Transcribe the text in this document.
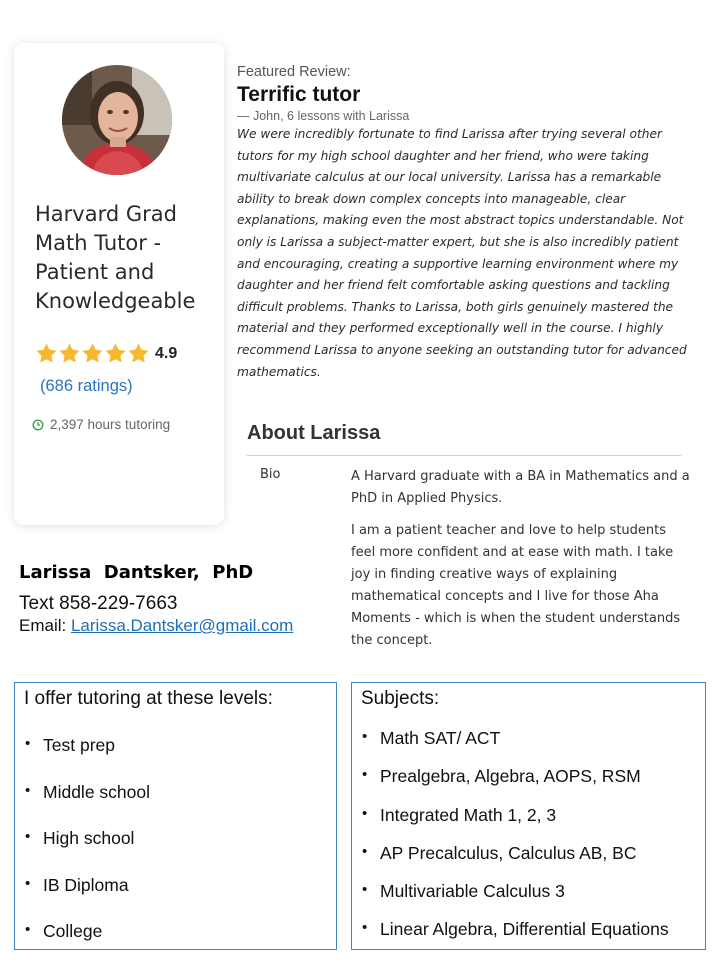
Harvard Grad Math Tutor - Patient and Knowledgeable
4.9
(686 ratings)
2,397 hours tutoring
Featured Review:
Terrific tutor
— John, 6 lessons with Larissa
We were incredibly fortunate to find Larissa after trying several other tutors for my high school daughter and her friend, who were taking multivariate calculus at our local university. Larissa has a remarkable ability to break down complex concepts into manageable, clear explanations, making even the most abstract topics understandable. Not only is Larissa a subject-matter expert, but she is also incredibly patient and encouraging, creating a supportive learning environment where my daughter and her friend felt comfortable asking questions and tackling difficult problems. Thanks to Larissa, both girls genuinely mastered the material and they performed exceptionally well in the course. I highly recommend Larissa to anyone seeking an outstanding tutor for advanced mathematics.
About Larissa
Bio	A Harvard graduate with a BA in Mathematics and a PhD in Applied Physics.

I am a patient teacher and love to help students feel more confident and at ease with math. I take joy in finding creative ways of explaining mathematical concepts and I live for those Aha Moments - which is when the student understands the concept.

Larissa  Dantsker,  PhD
Text 858-229-7663
Email: Larissa.Dantsker@gmail.com
I offer tutoring at these levels:
• Test prep
• Middle school
• High school
• IB Diploma
• College
Subjects:
• Math SAT/ ACT
• Prealgebra, Algebra, AOPS, RSM
• Integrated Math 1, 2, 3
• AP Precalculus, Calculus AB, BC
• Multivariable Calculus 3
• Linear Algebra, Differential Equations
